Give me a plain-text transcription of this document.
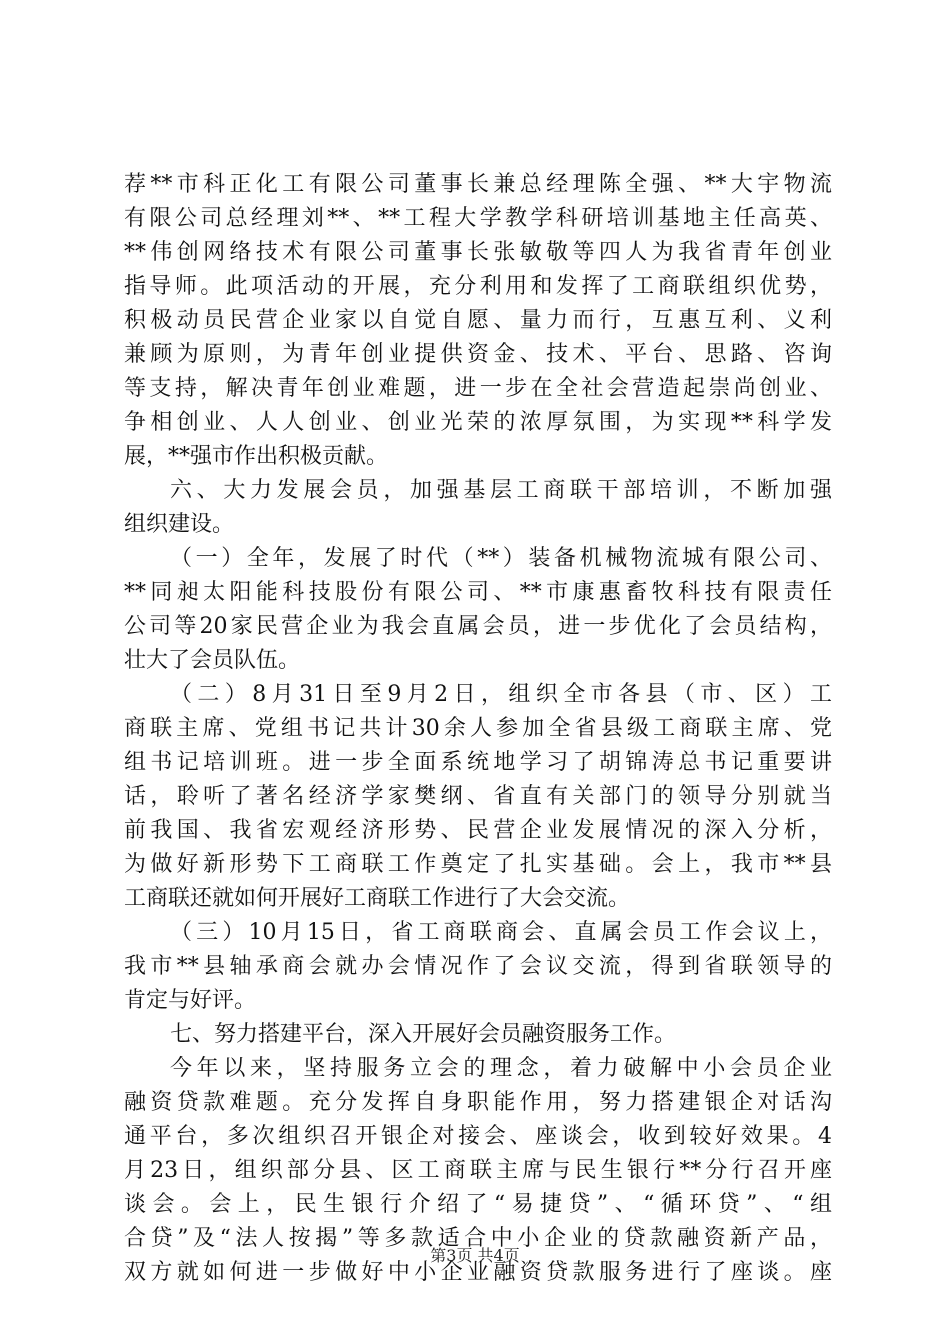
荐**市科正化工有限公司董事长兼总经理陈全强、**大宇物流
有限公司总经理刘**、**工程大学教学科研培训基地主任高英、
**伟创网络技术有限公司董事长张敏敬等四人为我省青年创业
指导师。此项活动的开展，充分利用和发挥了工商联组织优势，
积极动员民营企业家以自觉自愿、量力而行，互惠互利、义利
兼顾为原则，为青年创业提供资金、技术、平台、思路、咨询
等支持，解决青年创业难题，进一步在全社会营造起崇尚创业、
争相创业、人人创业、创业光荣的浓厚氛围，为实现**科学发
展，**强市作出积极贡献。
六、大力发展会员，加强基层工商联干部培训，不断加强
组织建设。
（一）全年，发展了时代（**）装备机械物流城有限公司、
**同昶太阳能科技股份有限公司、**市康惠畜牧科技有限责任
公司等20家民营企业为我会直属会员，进一步优化了会员结构，
壮大了会员队伍。
（二）8月31日至9月2日，组织全市各县（市、区）工
商联主席、党组书记共计30余人参加全省县级工商联主席、党
组书记培训班。进一步全面系统地学习了胡锦涛总书记重要讲
话，聆听了著名经济学家樊纲、省直有关部门的领导分别就当
前我国、我省宏观经济形势、民营企业发展情况的深入分析，
为做好新形势下工商联工作奠定了扎实基础。会上，我市**县
工商联还就如何开展好工商联工作进行了大会交流。
（三）10月15日，省工商联商会、直属会员工作会议上，
我市**县轴承商会就办会情况作了会议交流，得到省联领导的
肯定与好评。
七、努力搭建平台，深入开展好会员融资服务工作。
今年以来，坚持服务立会的理念，着力破解中小会员企业
融资贷款难题。充分发挥自身职能作用，努力搭建银企对话沟
通平台，多次组织召开银企对接会、座谈会，收到较好效果。4
月23日，组织部分县、区工商联主席与民生银行**分行召开座
谈会。会上，民生银行介绍了“易捷贷”、“循环贷”、“组
合贷”及“法人按揭”等多款适合中小企业的贷款融资新产品，
双方就如何进一步做好中小企业融资贷款服务进行了座谈。座
第3页 共4页
